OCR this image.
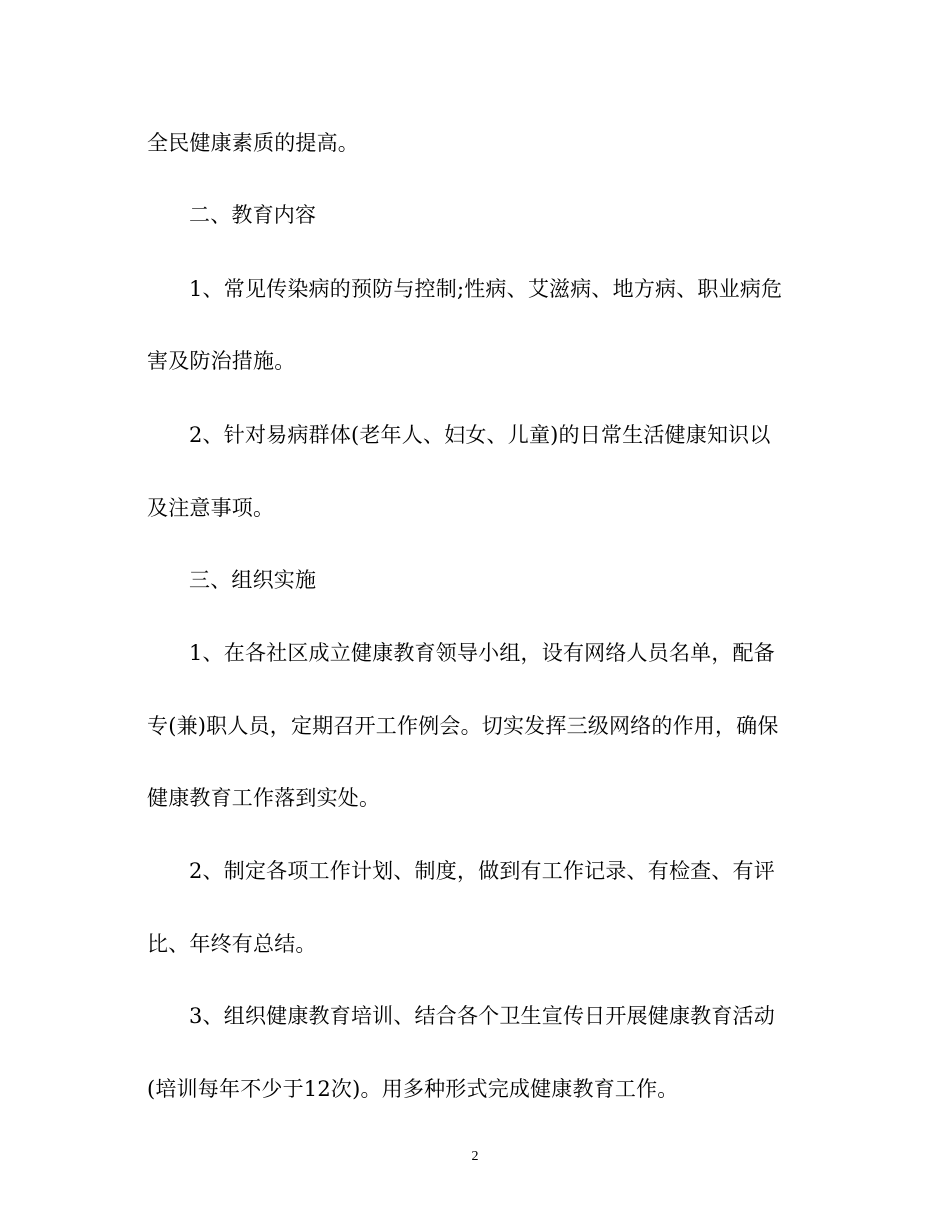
全民健康素质的提高。
二、教育内容
1、常见传染病的预防与控制;性病、艾滋病、地方病、职业病危
害及防治措施。
2、针对易病群体(老年人、妇女、儿童)的日常生活健康知识以
及注意事项。
三、组织实施
1、在各社区成立健康教育领导小组，设有网络人员名单，配备
专(兼)职人员，定期召开工作例会。切实发挥三级网络的作用，确保
健康教育工作落到实处。
2、制定各项工作计划、制度，做到有工作记录、有检查、有评
比、年终有总结。
3、组织健康教育培训、结合各个卫生宣传日开展健康教育活动
(培训每年不少于12次)。用多种形式完成健康教育工作。
2
